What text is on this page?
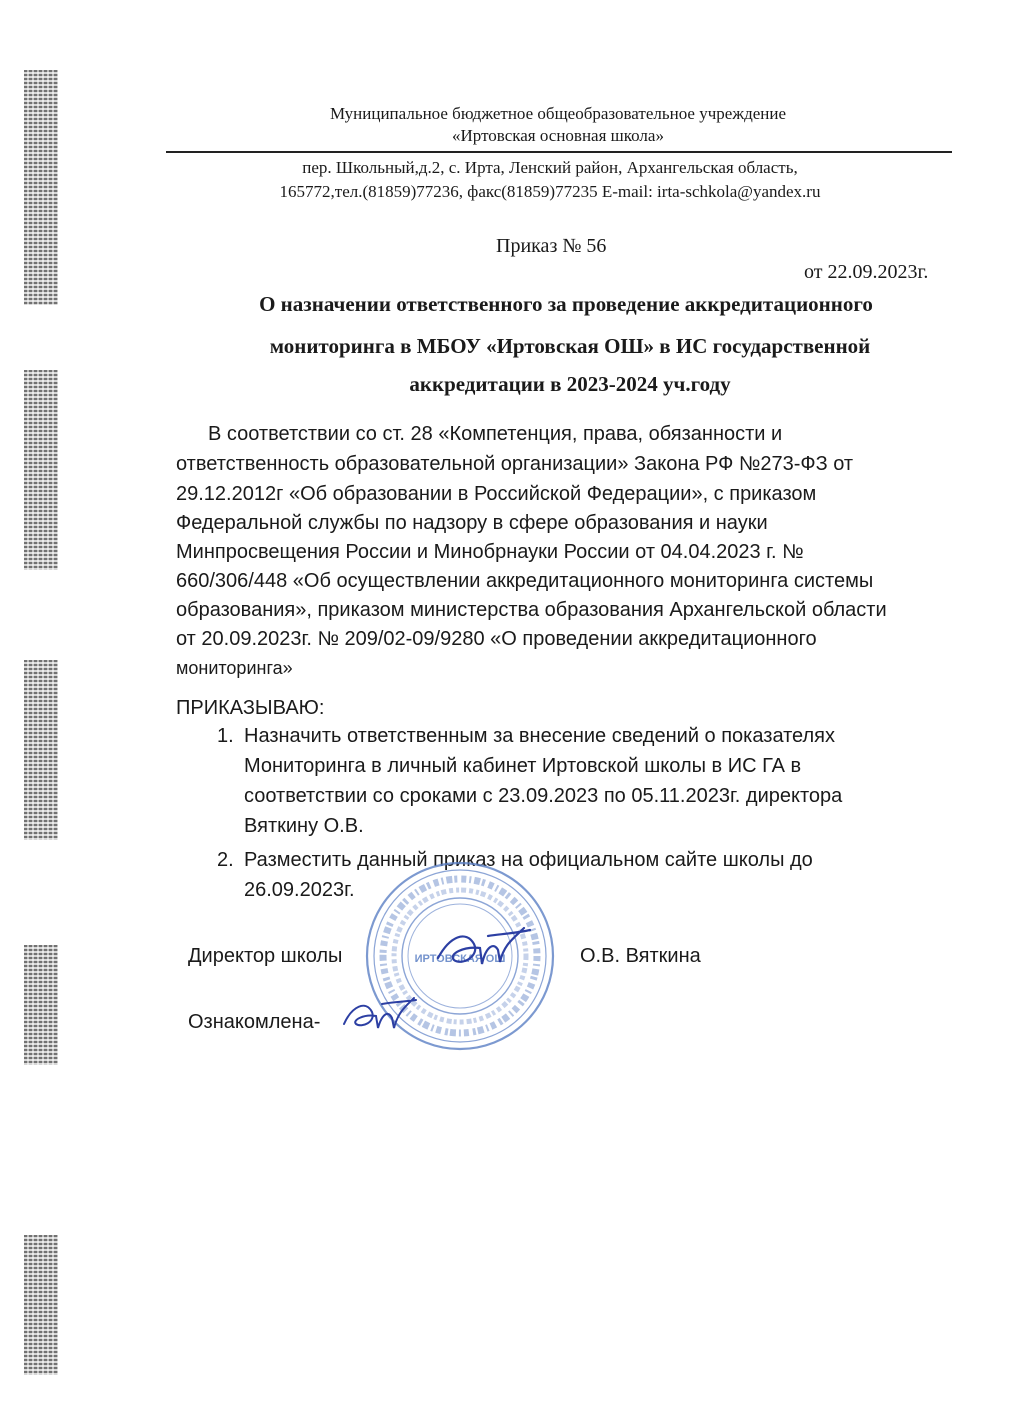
Муниципальное бюджетное общеобразовательное учреждение
«Иртовская основная школа»
пер. Школьный,д.2, с. Ирта, Ленский район, Архангельская область,
165772,тел.(81859)77236, факс(81859)77235 E-mail: irta-schkola@yandex.ru
Приказ № 56
от 22.09.2023г.
О назначении ответственного за проведение аккредитационного
мониторинга в МБОУ «Иртовская ОШ» в ИС государственной
аккредитации в 2023-2024 уч.году
В соответствии со ст. 28 «Компетенция, права, обязанности и
ответственность образовательной организации» Закона РФ №273-ФЗ от
29.12.2012г «Об образовании в Российской Федерации», с приказом
Федеральной службы по надзору в сфере образования и науки
Минпросвещения России и Минобрнауки России от 04.04.2023 г. №
660/306/448 «Об осуществлении аккредитационного мониторинга системы
образования», приказом министерства образования Архангельской области
от 20.09.2023г. № 209/02-09/9280 «О проведении аккредитационного
мониторинга»
ПРИКАЗЫВАЮ:
1. Назначить ответственным за внесение сведений о показателях
Мониторинга в личный кабинет Иртовской школы в ИС ГА в
соответствии со сроками с 23.09.2023 по 05.11.2023г. директора
Вяткину О.В.
2. Разместить данный приказ на официальном сайте школы до
26.09.2023г.
ИРТОВСКАЯ ОШ
Директор школы	О.В. Вяткина
Ознакомлена-
